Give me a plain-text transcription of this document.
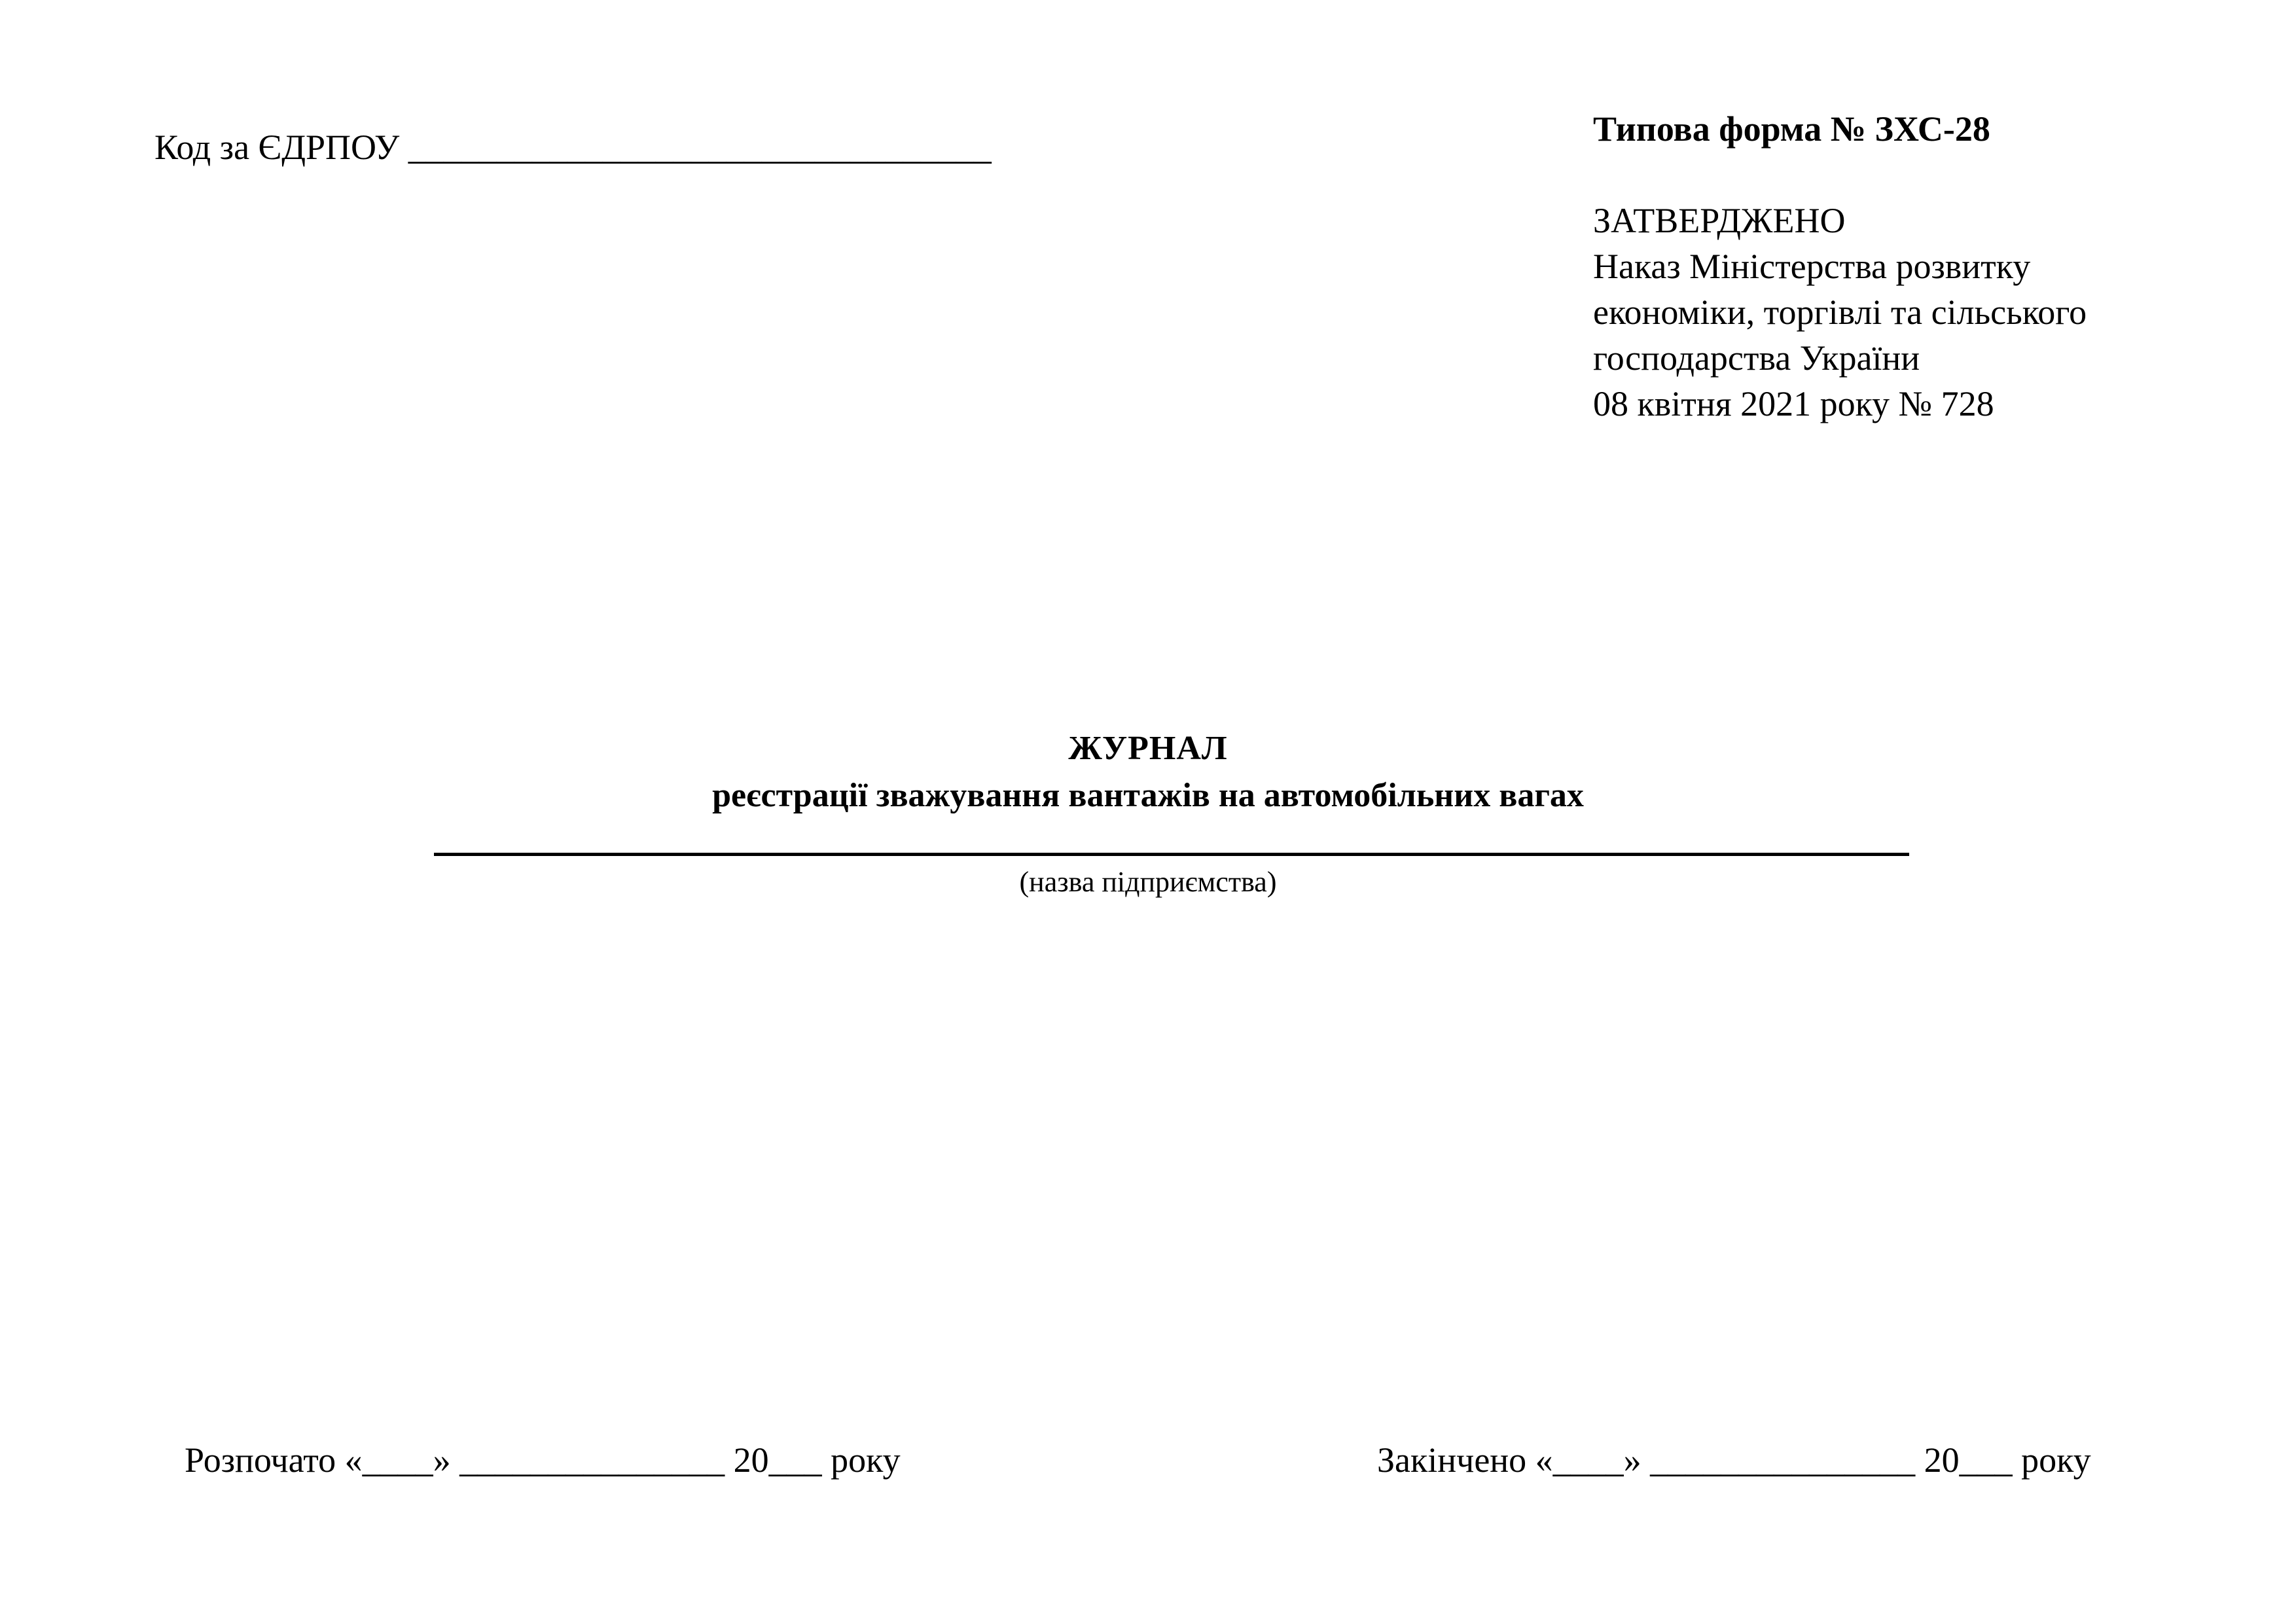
Код за ЄДРПОУ _________________________________	Типова форма № ЗХС-28
ЗАТВЕРДЖЕНО
Наказ Міністерства розвитку
економіки, торгівлі та сільського
господарства України
08 квітня 2021 року № 728
ЖУРНАЛ
реєстрації зважування вантажів на автомобільних вагах
(назва підприємства)
Розпочато «____» _______________ 20___ року	Закінчено «____» _______________ 20___ року
